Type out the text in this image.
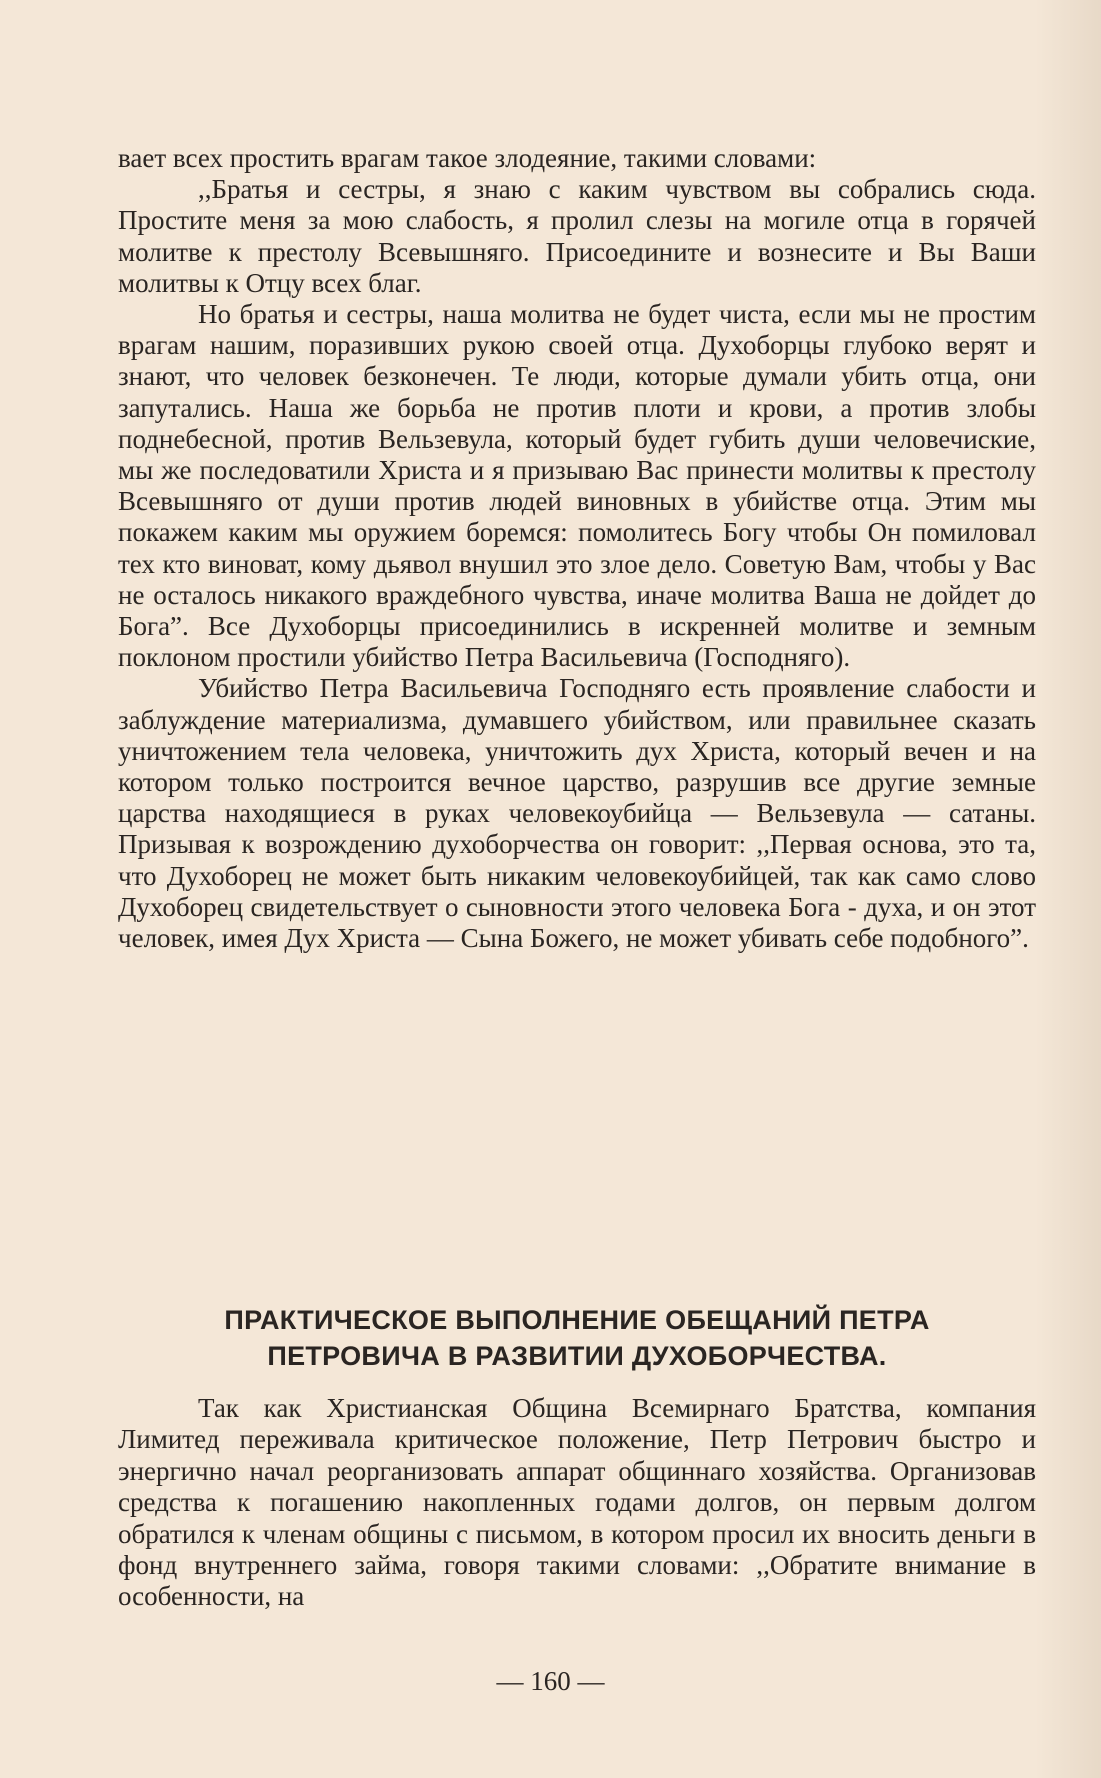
вает всех простить врагам такое злодеяние, такими словами:

,,Братья и сестры, я знаю с каким чувством вы собрались сюда. Простите меня за мою слабость, я пролил слезы на могиле отца в горячей молитве к престолу Всевышняго. Присоедините и вознесите и Вы Ваши молитвы к Отцу всех благ.

Но братья и сестры, наша молитва не будет чиста, если мы не простим врагам нашим, поразивших рукою своей отца. Духоборцы глубоко верят и знают, что человек безконечен. Те люди, которые думали убить отца, они запутались. Наша же борьба не против плоти и крови, а против злобы поднебесной, против Вельзевула, который будет губить души человечиские, мы же последоватили Христа и я призываю Вас принести молитвы к престолу Всевышняго от души против людей виновных в убийстве отца. Этим мы покажем каким мы оружием боремся: помолитесь Богу чтобы Он помиловал тех кто виноват, кому дьявол внушил это злое дело. Советую Вам, чтобы у Вас не осталось никакого враждебного чувства, иначе молитва Ваша не дойдет до Бога”. Все Духоборцы присоединились в искренней молитве и земным поклоном простили убийство Петра Васильевича (Господняго).

Убийство Петра Васильевича Господняго есть проявление слабости и заблуждение материализма, думавшего убийством, или правильнее сказать уничтожением тела человека, уничтожить дух Христа, который вечен и на котором только построится вечное царство, разрушив все другие земные царства находящиеся в руках человекоубийца — Вельзевула — сатаны. Призывая к возрождению духоборчества он говорит: ,,Первая основа, это та, что Духоборец не может быть никаким человекоубийцей, так как само слово Духоборец свидетельствует о сыновности этого человека Бога - духа, и он этот человек, имея Дух Христа — Сына Божего, не может убивать себе подобного”.

ПРАКТИЧЕСКОЕ ВЫПОЛНЕНИЕ ОБЕЩАНИЙ ПЕТРА
ПЕТРОВИЧА В РАЗВИТИИ ДУХОБОРЧЕСТВА.

Так как Христианская Община Всемирнаго Братства, компания Лимитед переживала критическое положение, Петр Петрович быстро и энергично начал реорганизовать аппарат общиннаго хозяйства. Организовав средства к погашению накопленных годами долгов, он первым долгом обратился к членам общины с письмом, в котором просил их вносить деньги в фонд внутреннего займа, говоря такими словами: ,,Обратите внимание в особенности, на

— 160 —
